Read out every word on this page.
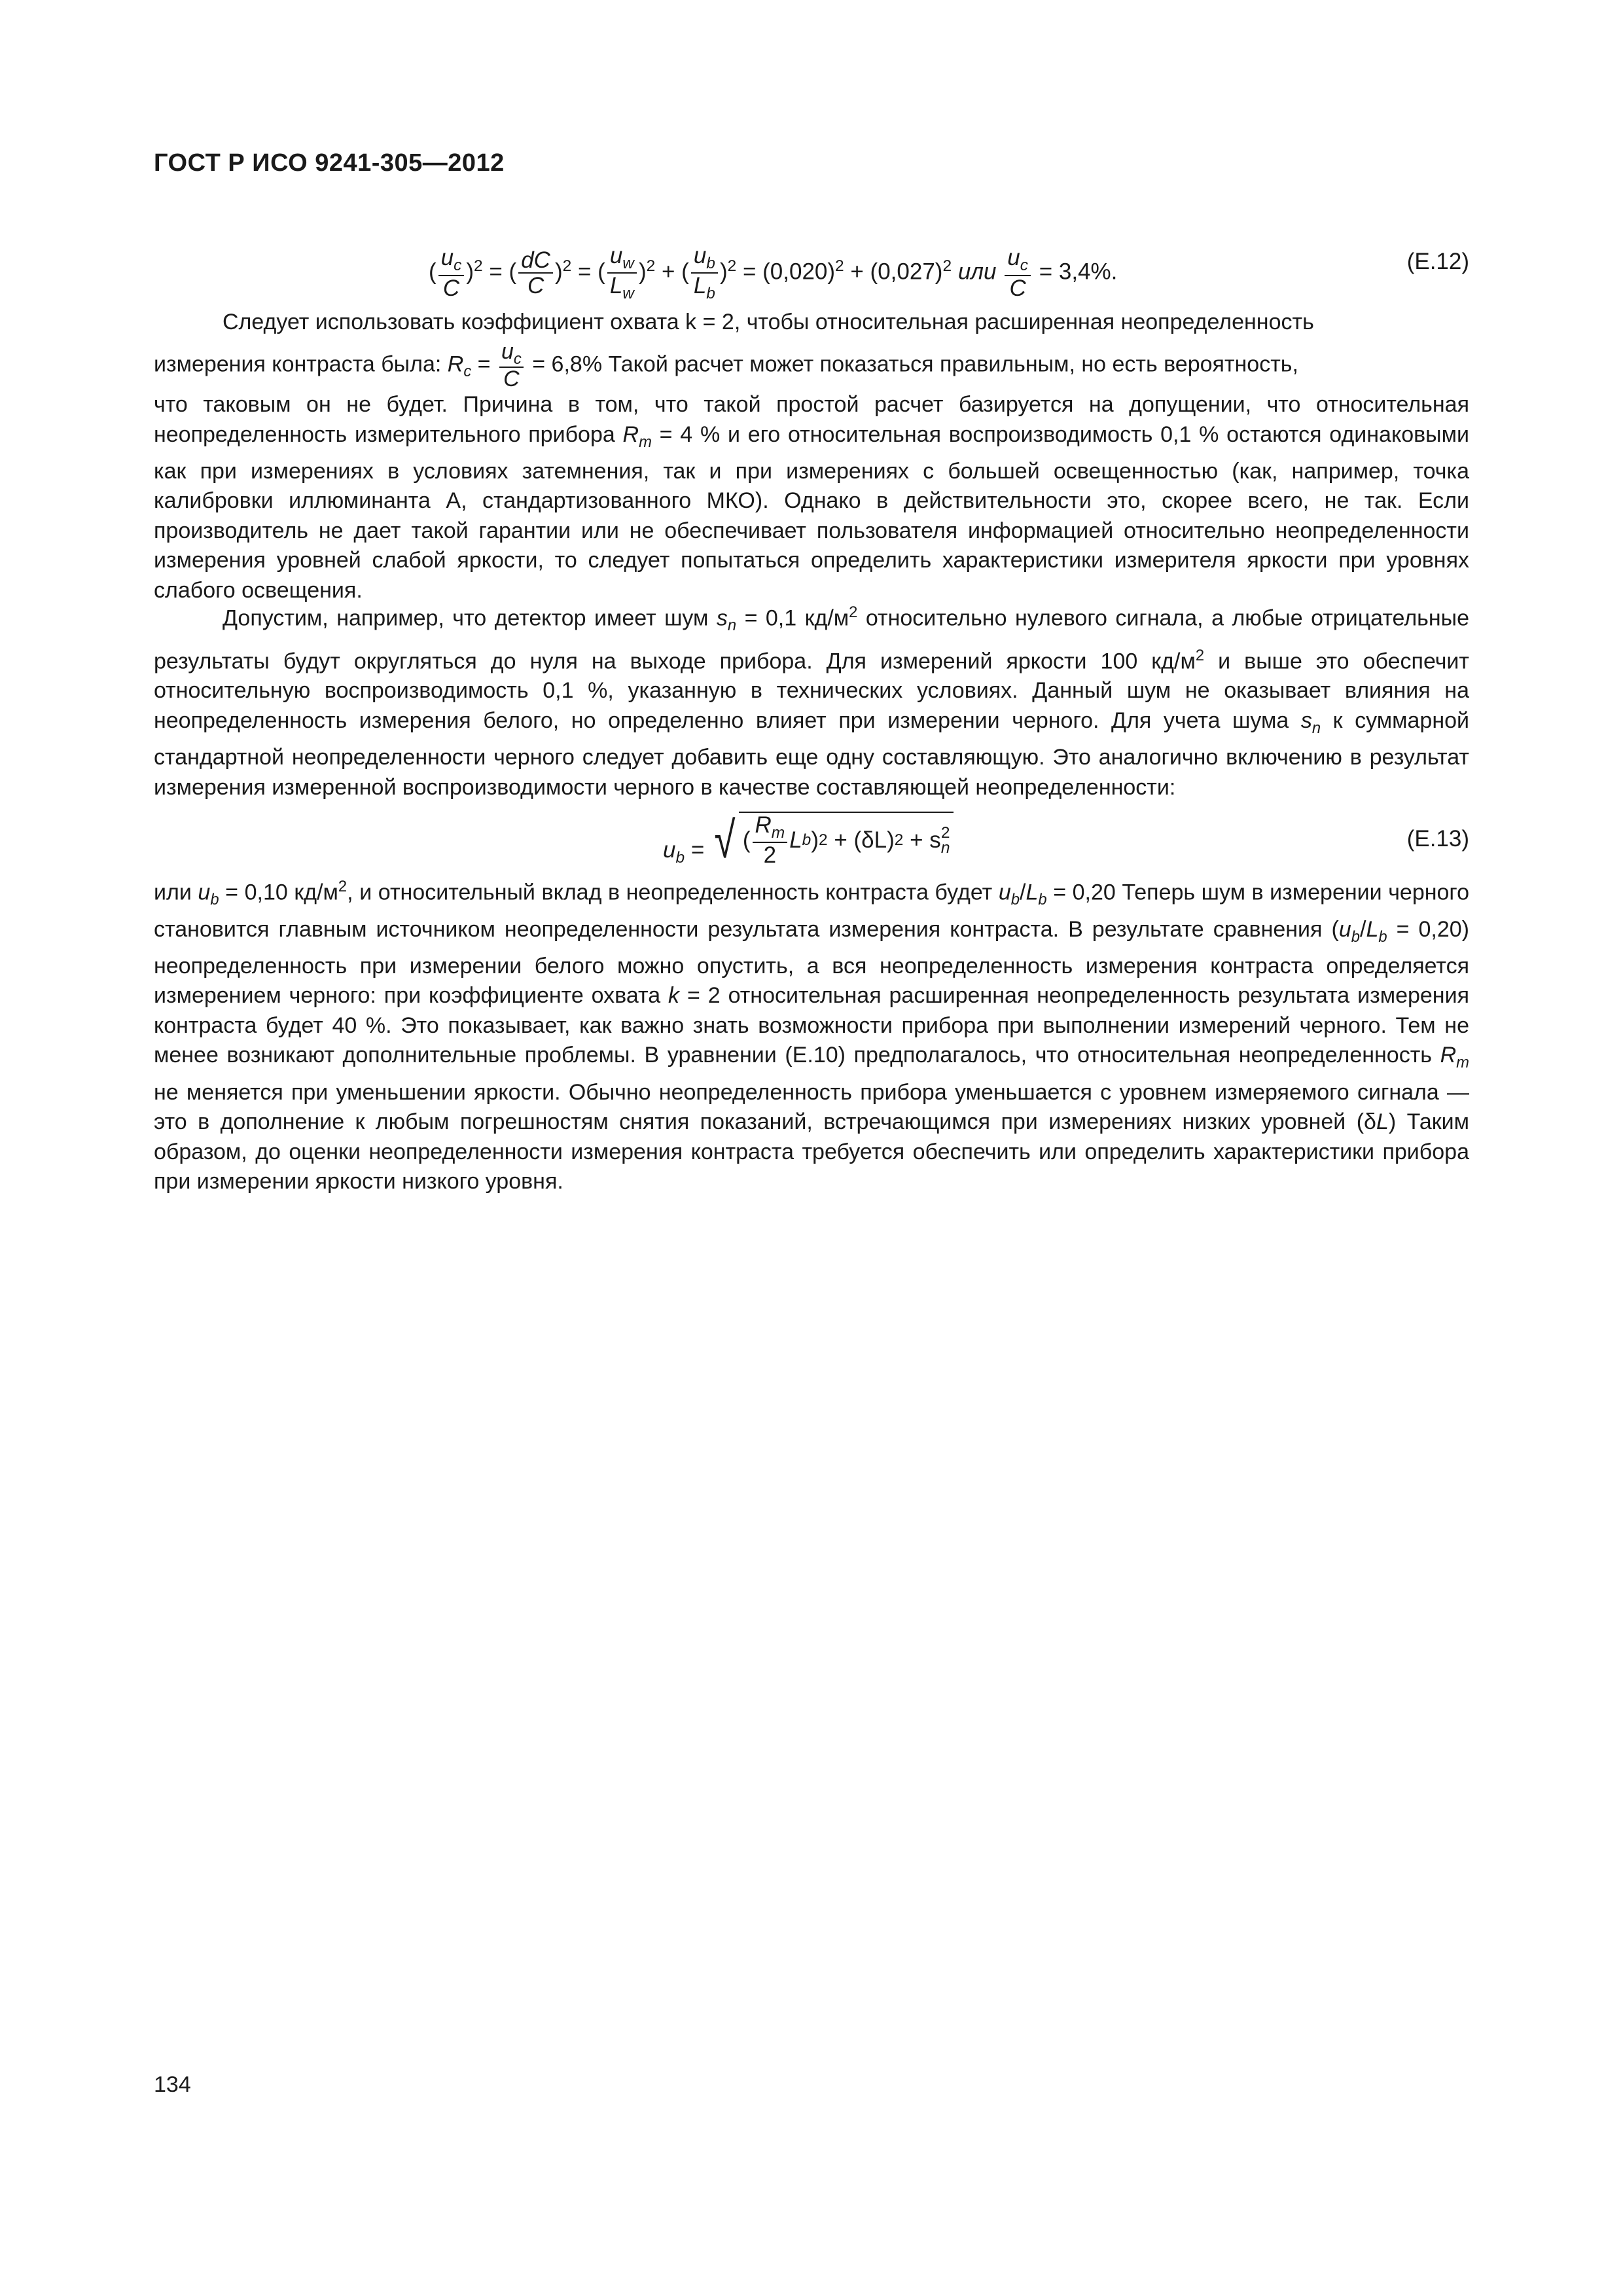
ГОСТ Р ИСО 9241-305—2012
( $\frac{u_c}{C} )^2$ = ( $\frac{dC}{C} )^2$ = ( $\frac{u_w}{L_w} )^2$ + ( $\frac{u_b}{L_b} )^2 = (0,020)^2 + (0,027)^2$ или $\frac{u_c}{C} = 3,4\%$.	(E.12)

Следует использовать коэффициент охвата k = 2, чтобы относительная расширенная неопределенность

измерения контраста была: $R_c = \frac{u_c}{C} = 6,8\%$ Такой расчет может показаться правильным, но есть вероятность,

что таковым он не будет. Причина в том, что такой простой расчет базируется на допущении, что относительная неопределенность измерительного прибора $R_m = 4$ % и его относительная воспроизводимость 0,1 % остаются одинаковыми как при измерениях в условиях затемнения, так и при измерениях с большей освещенностью (как, например, точка калибровки иллюминанта А, стандартизованного МКО). Однако в действительности это, скорее всего, не так. Если производитель не дает такой гарантии или не обеспечивает пользователя информацией относительно неопределенности измерения уровней слабой яркости, то следует попытаться определить характеристики измерителя яркости при уровнях слабого освещения.

Допустим, например, что детектор имеет шум $s_n = 0,1$ $кд/м^2$ относительно нулевого сигнала, а любые отрицательные результаты будут округляться до нуля на выходе прибора. Для измерений яркости 100 $кд/м^2$ и выше это обеспечит относительную воспроизводимость 0,1 %, указанную в технических условиях. Данный шум не оказывает влияния на неопределенность измерения белого, но определенно влияет при измерении черного. Для учета шума $s_n$ к суммарной стандартной неопределенности черного следует добавить еще одну составляющую. Это аналогично включению в результат измерения измеренной воспроизводимости черного в качестве составляющей неопределенности:

$u_b$ = √ ( $\frac{R_m}{2}$ L b ) 2
+ (δL) 2
+ s 2
n	(E.13)

или $u_b = 0,10$ $кд/м^2$, и относительный вклад в неопределенность контраста будет $u_b/L_b = 0,20$ Теперь шум в измерении черного становится главным источником неопределенности результата измерения контраста. В результате сравнения $(u_b/L_b = 0,20)$ неопределенность при измерении белого можно опустить, а вся неопределенность измерения контраста определяется измерением черного: при коэффициенте охвата k = 2 относительная расширенная неопределенность результата измерения контраста будет 40 %. Это показывает, как важно знать возможности прибора при выполнении измерений черного. Тем не менее возникают дополнительные проблемы. В уравнении (E.10) предполагалось, что относительная неопределенность $R_m$ не меняется при уменьшении яркости. Обычно неопределенность прибора уменьшается с уровнем измеряемого сигнала — это в дополнение к любым погрешностям снятия показаний, встречающимся при измерениях низких уровней (δL) Таким образом, до оценки неопределенности измерения контраста требуется обеспечить или определить характеристики прибора при измерении яркости низкого уровня.

134
